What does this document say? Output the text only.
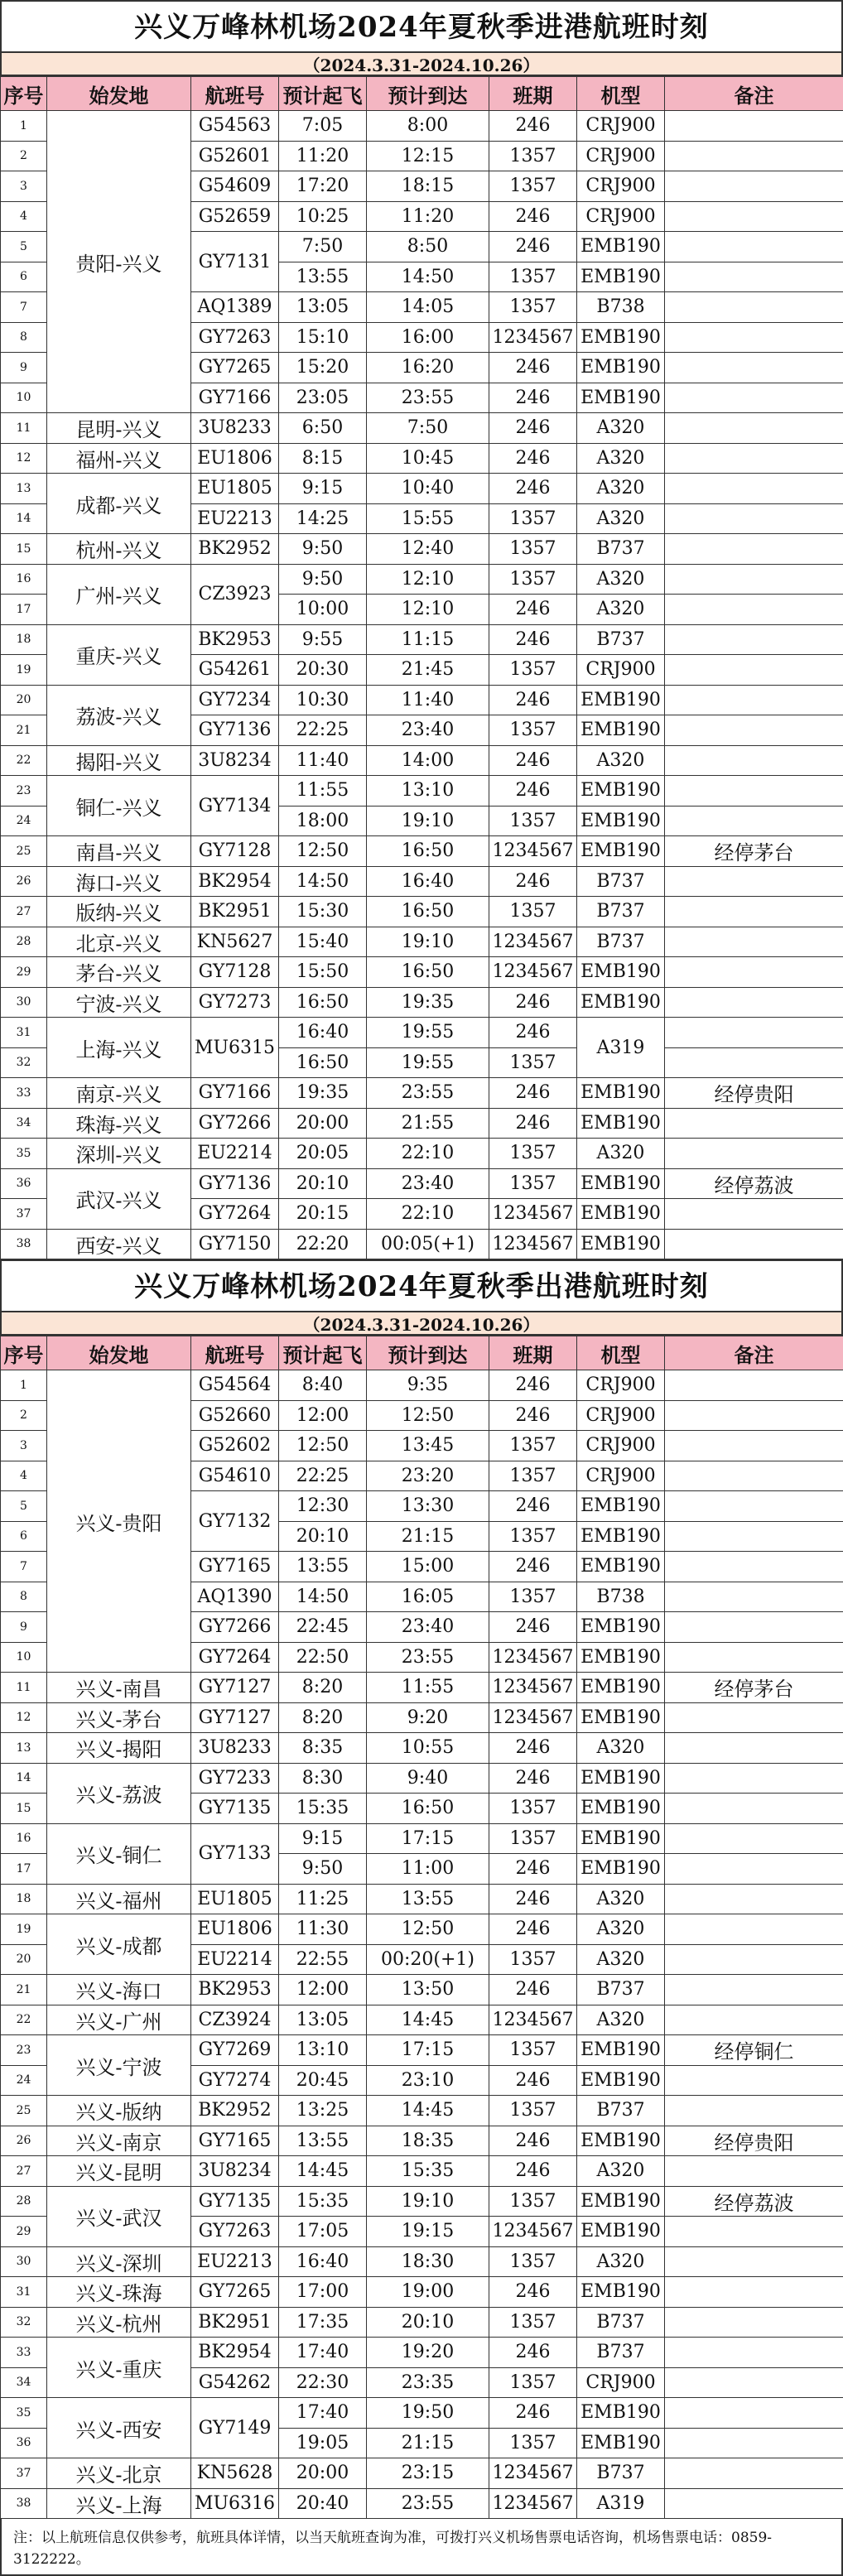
兴义万峰林机场2024年夏秋季进港航班时刻
（2024.3.31-2024.10.26）
序号	始发地	航班号	预计起飞	预计到达	班期	机型	备注
1	贵阳-兴义	G54563	7:05	8:00	246	CRJ900	
2		G52601	11:20	12:15	1357	CRJ900	
3		G54609	17:20	18:15	1357	CRJ900	
4		G52659	10:25	11:20	246	CRJ900	
5		GY7131	7:50	8:50	246	EMB190	
6			13:55	14:50	1357	EMB190	
7		AQ1389	13:05	14:05	1357	B738	
8		GY7263	15:10	16:00	1234567	EMB190	
9		GY7265	15:20	16:20	246	EMB190	
10		GY7166	23:05	23:55	246	EMB190	
11	昆明-兴义	3U8233	6:50	7:50	246	A320	
12	福州-兴义	EU1806	8:15	10:45	246	A320	
13	成都-兴义	EU1805	9:15	10:40	246	A320	
14		EU2213	14:25	15:55	1357	A320	
15	杭州-兴义	BK2952	9:50	12:40	1357	B737	
16	广州-兴义	CZ3923	9:50	12:10	1357	A320	
17			10:00	12:10	246	A320	
18	重庆-兴义	BK2953	9:55	11:15	246	B737	
19		G54261	20:30	21:45	1357	CRJ900	
20	荔波-兴义	GY7234	10:30	11:40	246	EMB190	
21		GY7136	22:25	23:40	1357	EMB190	
22	揭阳-兴义	3U8234	11:40	14:00	246	A320	
23	铜仁-兴义	GY7134	11:55	13:10	246	EMB190	
24			18:00	19:10	1357	EMB190	
25	南昌-兴义	GY7128	12:50	16:50	1234567	EMB190	经停茅台
26	海口-兴义	BK2954	14:50	16:40	246	B737	
27	版纳-兴义	BK2951	15:30	16:50	1357	B737	
28	北京-兴义	KN5627	15:40	19:10	1234567	B737	
29	茅台-兴义	GY7128	15:50	16:50	1234567	EMB190	
30	宁波-兴义	GY7273	16:50	19:35	246	EMB190	
31	上海-兴义	MU6315	16:40	19:55	246	A319	
32			16:50	19:55	1357		
33	南京-兴义	GY7166	19:35	23:55	246	EMB190	经停贵阳
34	珠海-兴义	GY7266	20:00	21:55	246	EMB190	
35	深圳-兴义	EU2214	20:05	22:10	1357	A320	
36	武汉-兴义	GY7136	20:10	23:40	1357	EMB190	经停荔波
37		GY7264	20:15	22:10	1234567	EMB190	
38	西安-兴义	GY7150	22:20	00:05(+1)	1234567	EMB190	
兴义万峰林机场2024年夏秋季出港航班时刻
（2024.3.31-2024.10.26）
序号	始发地	航班号	预计起飞	预计到达	班期	机型	备注
1	兴义-贵阳	G54564	8:40	9:35	246	CRJ900	
2		G52660	12:00	12:50	246	CRJ900	
3		G52602	12:50	13:45	1357	CRJ900	
4		G54610	22:25	23:20	1357	CRJ900	
5		GY7132	12:30	13:30	246	EMB190	
6			20:10	21:15	1357	EMB190	
7		GY7165	13:55	15:00	246	EMB190	
8		AQ1390	14:50	16:05	1357	B738	
9		GY7266	22:45	23:40	246	EMB190	
10		GY7264	22:50	23:55	1234567	EMB190	
11	兴义-南昌	GY7127	8:20	11:55	1234567	EMB190	经停茅台
12	兴义-茅台	GY7127	8:20	9:20	1234567	EMB190	
13	兴义-揭阳	3U8233	8:35	10:55	246	A320	
14	兴义-荔波	GY7233	8:30	9:40	246	EMB190	
15		GY7135	15:35	16:50	1357	EMB190	
16	兴义-铜仁	GY7133	9:15	17:15	1357	EMB190	
17			9:50	11:00	246	EMB190	
18	兴义-福州	EU1805	11:25	13:55	246	A320	
19	兴义-成都	EU1806	11:30	12:50	246	A320	
20		EU2214	22:55	00:20(+1)	1357	A320	
21	兴义-海口	BK2953	12:00	13:50	246	B737	
22	兴义-广州	CZ3924	13:05	14:45	1234567	A320	
23	兴义-宁波	GY7269	13:10	17:15	1357	EMB190	经停铜仁
24		GY7274	20:45	23:10	246	EMB190	
25	兴义-版纳	BK2952	13:25	14:45	1357	B737	
26	兴义-南京	GY7165	13:55	18:35	246	EMB190	经停贵阳
27	兴义-昆明	3U8234	14:45	15:35	246	A320	
28	兴义-武汉	GY7135	15:35	19:10	1357	EMB190	经停荔波
29		GY7263	17:05	19:15	1234567	EMB190	
30	兴义-深圳	EU2213	16:40	18:30	1357	A320	
31	兴义-珠海	GY7265	17:00	19:00	246	EMB190	
32	兴义-杭州	BK2951	17:35	20:10	1357	B737	
33	兴义-重庆	BK2954	17:40	19:20	246	B737	
34		G54262	22:30	23:35	1357	CRJ900	
35	兴义-西安	GY7149	17:40	19:50	246	EMB190	
36			19:05	21:15	1357	EMB190	
37	兴义-北京	KN5628	20:00	23:15	1234567	B737	
38	兴义-上海	MU6316	20:40	23:55	1234567	A319	
注：以上航班信息仅供参考，航班具体详情，以当天航班查询为准，可拨打兴义机场售票电话咨询，机场售票电话：0859-3122222。
